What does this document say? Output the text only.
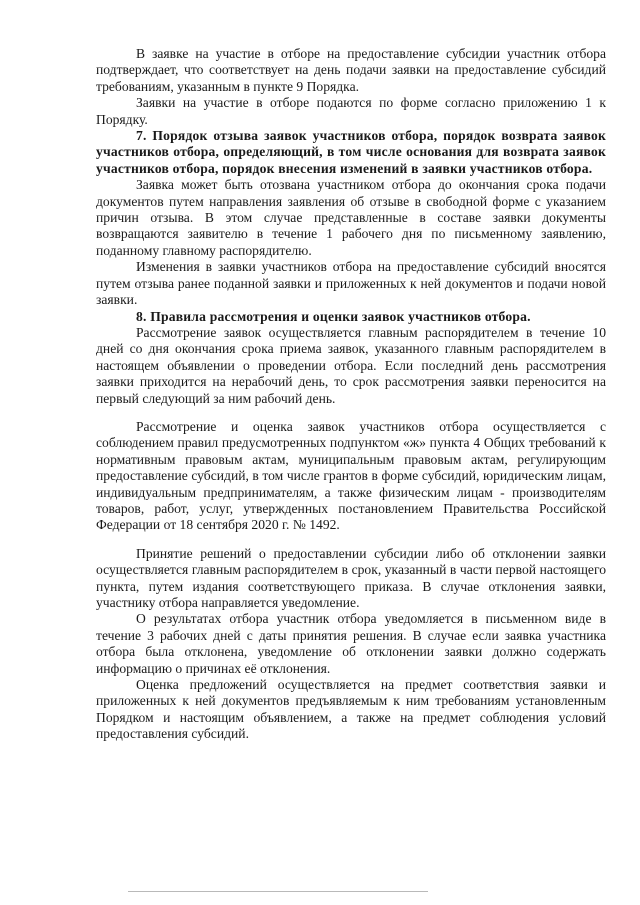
В заявке на участие в отборе на предоставление субсидии участник отбора подтверждает, что соответствует на день подачи заявки на предоставление субсидий требованиям, указанным в пункте 9 Порядка.

Заявки на участие в отборе подаются по форме согласно приложению 1 к Порядку.

7. Порядок отзыва заявок участников отбора, порядок возврата заявок участников отбора, определяющий, в том числе основания для возврата заявок участников отбора, порядок внесения изменений в заявки участников отбора.

Заявка может быть отозвана участником отбора до окончания срока подачи документов путем направления заявления об отзыве в свободной форме с указанием причин отзыва. В этом случае представленные в составе заявки документы возвращаются заявителю в течение 1 рабочего дня по письменному заявлению, поданному главному распорядителю.

Изменения в заявки участников отбора на предоставление субсидий вносятся путем отзыва ранее поданной заявки и приложенных к ней документов и подачи новой заявки.

8. Правила рассмотрения и оценки заявок участников отбора.

Рассмотрение заявок осуществляется главным распорядителем в течение 10 дней со дня окончания срока приема заявок, указанного главным распорядителем в настоящем объявлении о проведении отбора. Если последний день рассмотрения заявки приходится на нерабочий день, то срок рассмотрения заявки переносится на первый следующий за ним рабочий день.

Рассмотрение и оценка заявок участников отбора осуществляется с соблюдением правил предусмотренных подпунктом «ж» пункта 4 Общих требований к нормативным правовым актам, муниципальным правовым актам, регулирующим предоставление субсидий, в том числе грантов в форме субсидий, юридическим лицам, индивидуальным предпринимателям, а также физическим лицам - производителям товаров, работ, услуг, утвержденных постановлением Правительства Российской Федерации от 18 сентября 2020 г. № 1492.

Принятие решений о предоставлении субсидии либо об отклонении заявки осуществляется главным распорядителем в срок, указанный в части первой настоящего пункта, путем издания соответствующего приказа. В случае отклонения заявки, участнику отбора направляется уведомление.

О результатах отбора участник отбора уведомляется в письменном виде в течение 3 рабочих дней с даты принятия решения. В случае если заявка участника отбора была отклонена, уведомление об отклонении заявки должно содержать информацию о причинах её отклонения.

Оценка предложений осуществляется на предмет соответствия заявки и приложенных к ней документов предъявляемым к ним требованиям установленным Порядком и настоящим объявлением, а также на предмет соблюдения условий предоставления субсидий.
